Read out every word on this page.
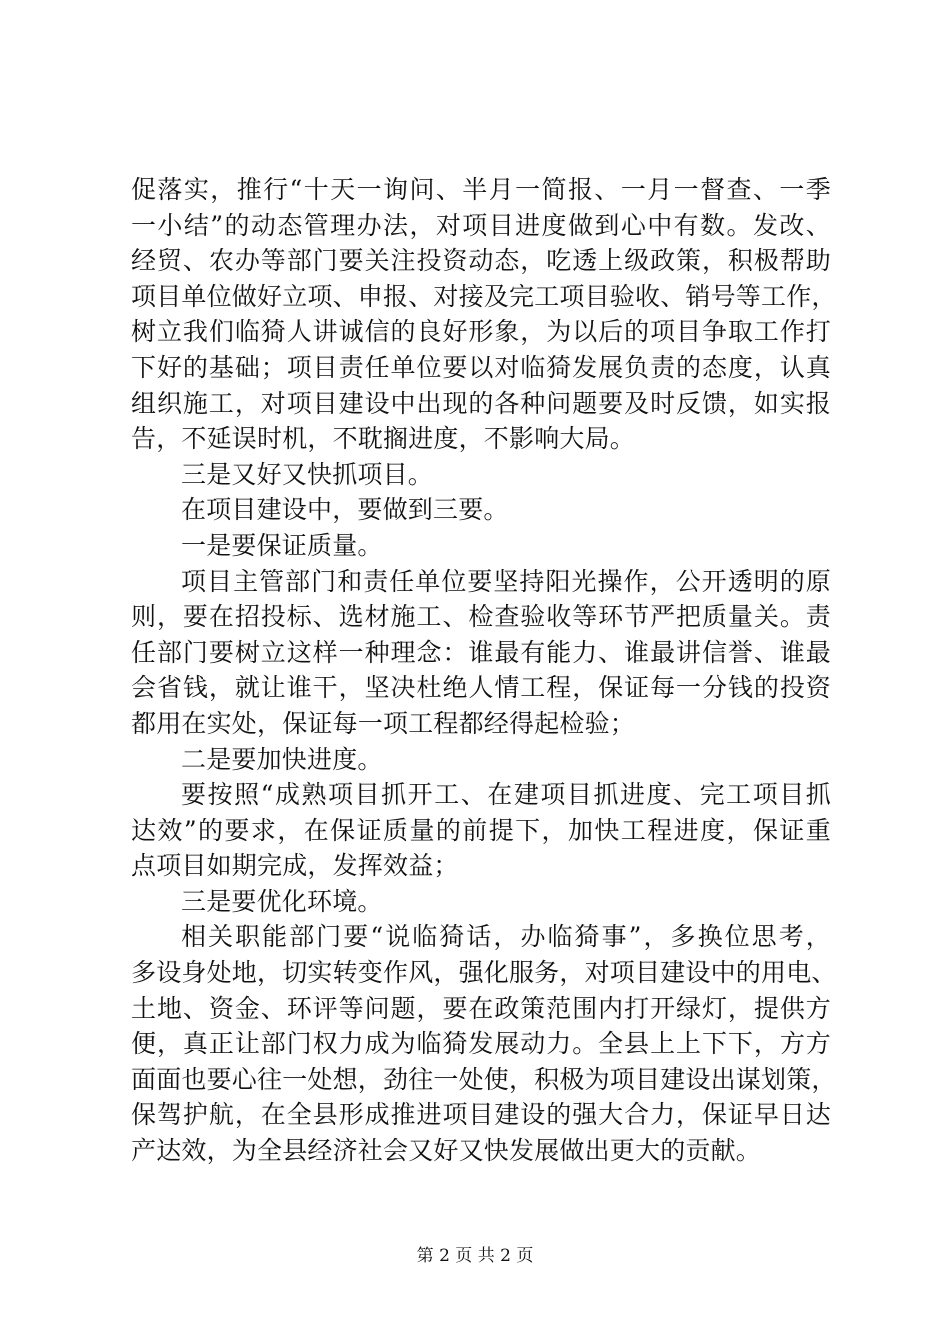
促落实，推行“十天一询问、半月一简报、一月一督查、一季
一小结”的动态管理办法，对项目进度做到心中有数。发改、
经贸、农办等部门要关注投资动态，吃透上级政策，积极帮助
项目单位做好立项、申报、对接及完工项目验收、销号等工作，
树立我们临猗人讲诚信的良好形象，为以后的项目争取工作打
下好的基础；项目责任单位要以对临猗发展负责的态度，认真
组织施工，对项目建设中出现的各种问题要及时反馈，如实报
告，不延误时机，不耽搁进度，不影响大局。
三是又好又快抓项目。
在项目建设中，要做到三要。
一是要保证质量。
项目主管部门和责任单位要坚持阳光操作，公开透明的原
则，要在招投标、选材施工、检查验收等环节严把质量关。责
任部门要树立这样一种理念：谁最有能力、谁最讲信誉、谁最
会省钱，就让谁干，坚决杜绝人情工程，保证每一分钱的投资
都用在实处，保证每一项工程都经得起检验；
二是要加快进度。
要按照“成熟项目抓开工、在建项目抓进度、完工项目抓
达效”的要求，在保证质量的前提下，加快工程进度，保证重
点项目如期完成，发挥效益；
三是要优化环境。
相关职能部门要“说临猗话，办临猗事”，多换位思考，
多设身处地，切实转变作风，强化服务，对项目建设中的用电、
土地、资金、环评等问题，要在政策范围内打开绿灯，提供方
便，真正让部门权力成为临猗发展动力。全县上上下下，方方
面面也要心往一处想，劲往一处使，积极为项目建设出谋划策，
保驾护航，在全县形成推进项目建设的强大合力，保证早日达
产达效，为全县经济社会又好又快发展做出更大的贡献。
第 2 页 共 2 页
